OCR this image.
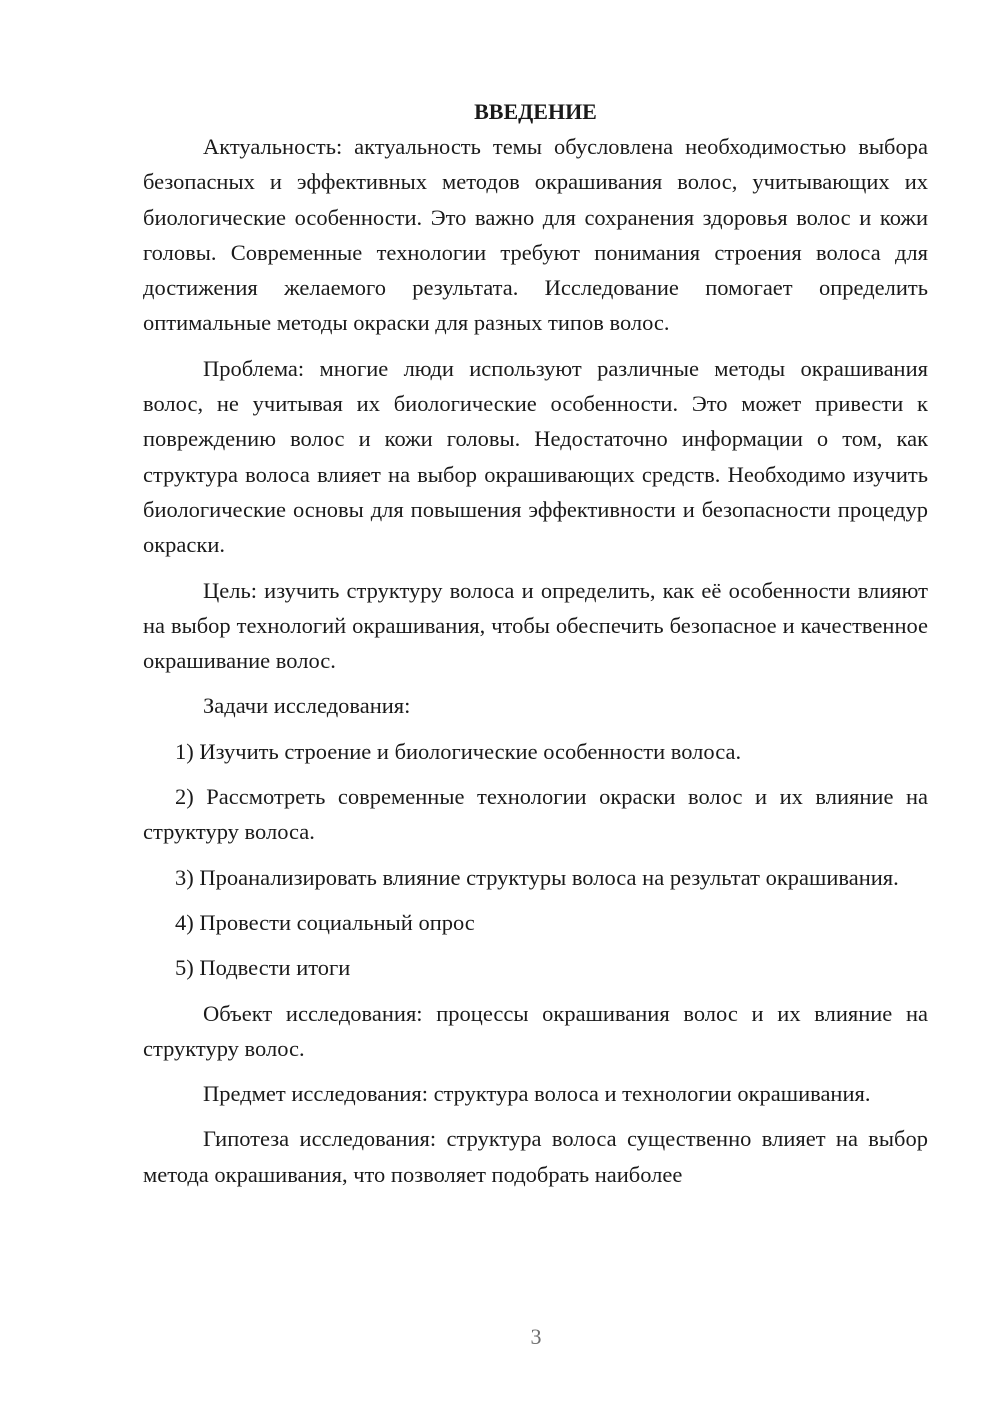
ВВЕДЕНИЕ

Актуальность: актуальность темы обусловлена необходимостью выбора безопасных и эффективных методов окрашивания волос, учитывающих их биологические особенности. Это важно для сохранения здоровья волос и кожи головы. Современные технологии требуют понимания строения волоса для достижения желаемого результата. Исследование помогает определить оптимальные методы окраски для разных типов волос.

Проблема: многие люди используют различные методы окрашивания волос, не учитывая их биологические особенности. Это может привести к повреждению волос и кожи головы. Недостаточно информации о том, как структура волоса влияет на выбор окрашивающих средств. Необходимо изучить биологические основы для повышения эффективности и безопасности процедур окраски.

Цель: изучить структуру волоса и определить, как её особенности влияют на выбор технологий окрашивания, чтобы обеспечить безопасное и качественное окрашивание волос.

Задачи исследования:

1) Изучить строение и биологические особенности волоса.

2) Рассмотреть современные технологии окраски волос и их влияние на структуру волоса.

3) Проанализировать влияние структуры волоса на результат окрашивания.

4) Провести социальный опрос

5) Подвести итоги

Объект исследования: процессы окрашивания волос и их влияние на структуру волос.

Предмет исследования: структура волоса и технологии окрашивания.

Гипотеза исследования: структура волоса существенно влияет на выбор метода окрашивания, что позволяет подобрать наиболее

3
